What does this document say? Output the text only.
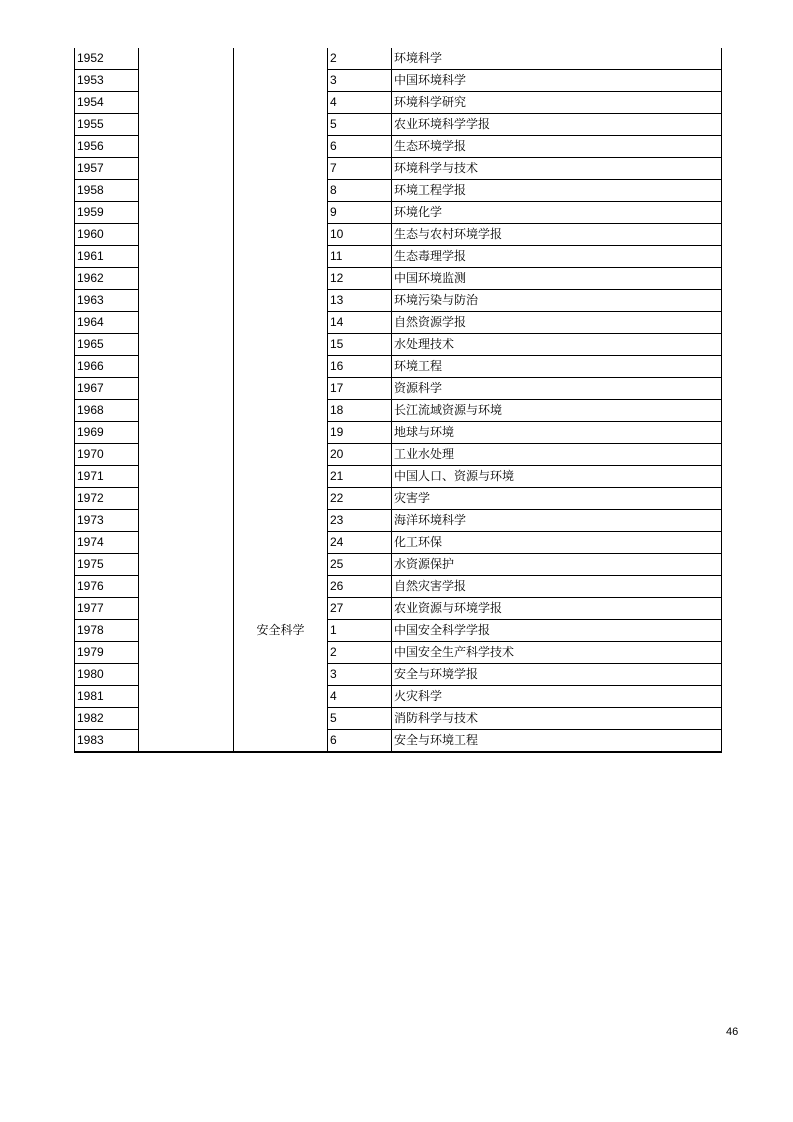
1952			2	环境科学
1953			3	中国环境科学
1954			4	环境科学研究
1955			5	农业环境科学学报
1956			6	生态环境学报
1957			7	环境科学与技术
1958			8	环境工程学报
1959			9	环境化学
1960			10	生态与农村环境学报
1961			11	生态毒理学报
1962			12	中国环境监测
1963			13	环境污染与防治
1964			14	自然资源学报
1965			15	水处理技术
1966			16	环境工程
1967			17	资源科学
1968			18	长江流域资源与环境
1969			19	地球与环境
1970			20	工业水处理
1971			21	中国人口、资源与环境
1972			22	灾害学
1973			23	海洋环境科学
1974			24	化工环保
1975			25	水资源保护
1976			26	自然灾害学报
1977			27	农业资源与环境学报
1978		安全科学	1	中国安全科学学报
1979			2	中国安全生产科学技术
1980			3	安全与环境学报
1981			4	火灾科学
1982			5	消防科学与技术
1983			6	安全与环境工程
46
